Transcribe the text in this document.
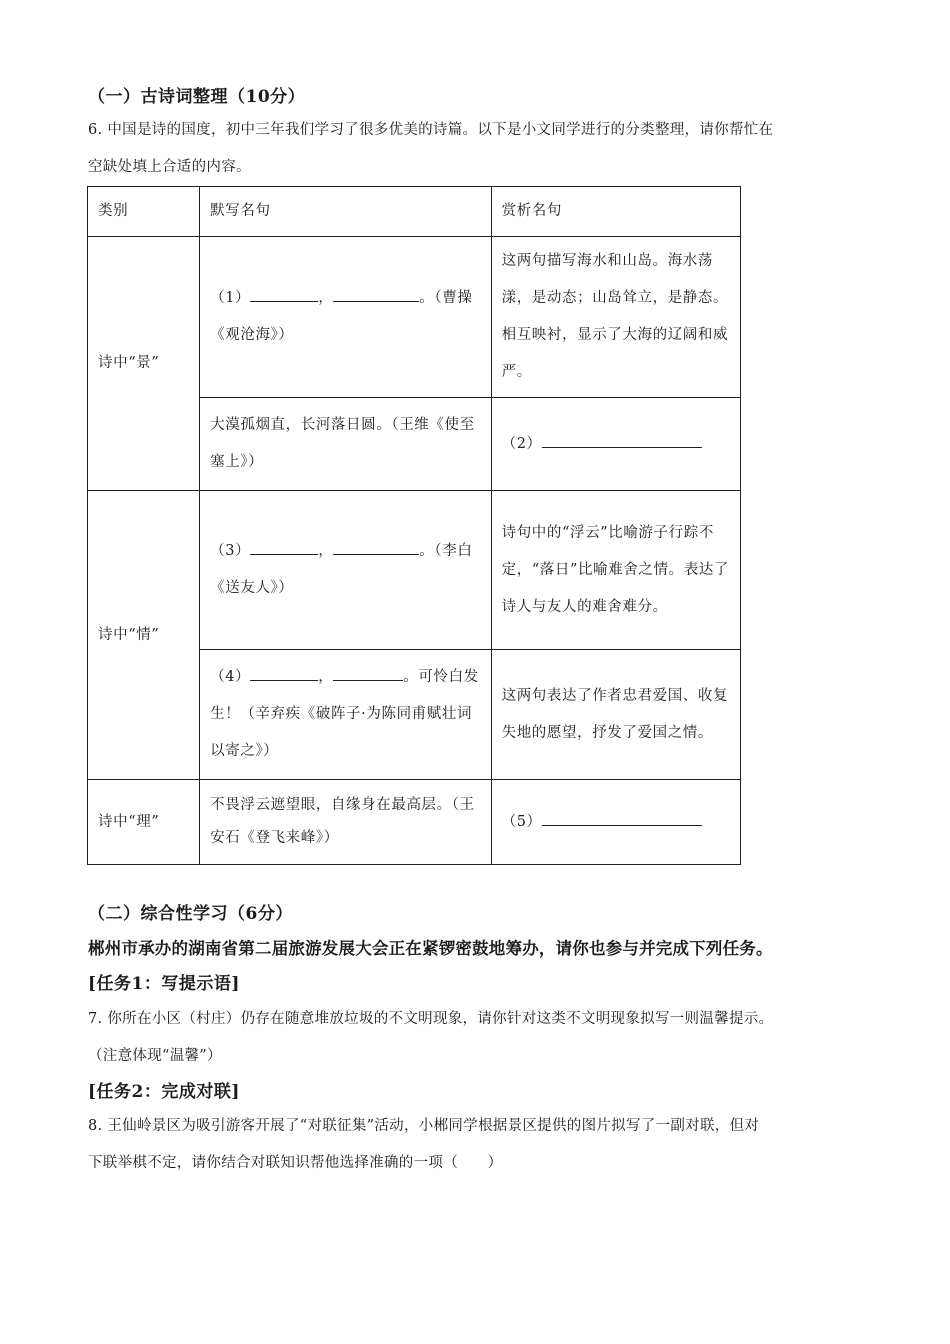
（一）古诗词整理（10分）
6. 中国是诗的国度，初中三年我们学习了很多优美的诗篇。以下是小文同学进行的分类整理，请你帮忙在
空缺处填上合适的内容。
类别	默写名句	赏析名句
诗中“景”	（1） ， 。（曹操《观沧海》）	这两句描写海水和山岛。海水荡漾，是动态；山岛耸立，是静态。相互映衬，显示了大海的辽阔和威严。
	大漠孤烟直，长河落日圆。（王维《使至塞上》）	（2）
诗中“情”	（3） ， 。（李白《送友人》）	诗句中的“浮云”比喻游子行踪不定，“落日”比喻难舍之情。表达了诗人与友人的难舍难分。
	（4） ， 。可怜白发生！（辛弃疾《破阵子·为陈同甫赋壮词以寄之》）	这两句表达了作者忠君爱国、收复失地的愿望，抒发了爱国之情。
诗中“理”	不畏浮云遮望眼，自缘身在最高层。（王安石《登飞来峰》）	（5）
（二）综合性学习（6分）
郴州市承办的湖南省第二届旅游发展大会正在紧锣密鼓地筹办，请你也参与并完成下列任务。
[任务1：写提示语]
7. 你所在小区（村庄）仍存在随意堆放垃圾的不文明现象，请你针对这类不文明现象拟写一则温馨提示。
（注意体现“温馨”）
[任务2：完成对联]
8. 王仙岭景区为吸引游客开展了“对联征集”活动，小郴同学根据景区提供的图片拟写了一副对联，但对
下联举棋不定，请你结合对联知识帮他选择准确的一项（　　）
